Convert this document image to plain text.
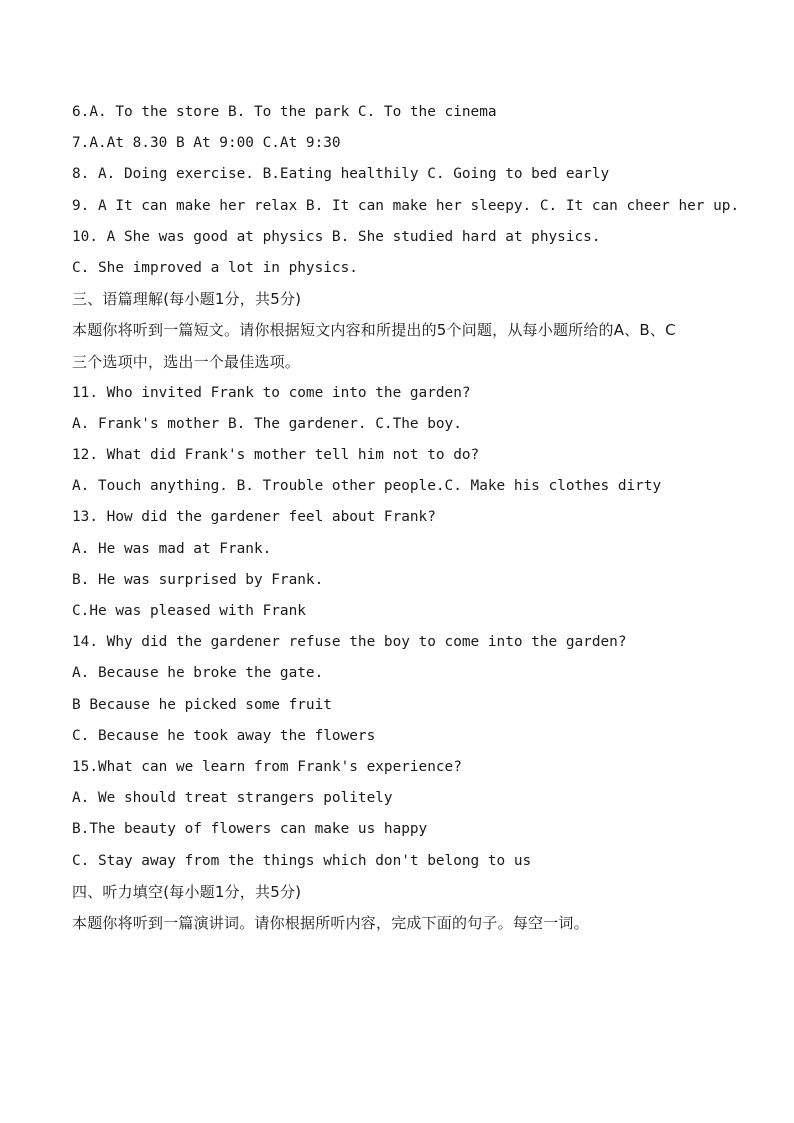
6.A. To the store B. To the park C. To the cinema
7.A.At 8.30 B At 9:00 C.At 9:30
8. A. Doing exercise. B.Eating healthily C. Going to bed early
9. A It can make her relax B. It can make her sleepy. C. It can cheer her up.
10. A She was good at physics B. She studied hard at physics.
C. She improved a lot in physics.
三、语篇理解(每小题1分，共5分)
本题你将听到一篇短文。请你根据短文内容和所提出的5个问题，从每小题所给的A、B、C
三个选项中，选出一个最佳选项。
11. Who invited Frank to come into the garden?
A. Frank's mother B. The gardener. C.The boy.
12. What did Frank's mother tell him not to do?
A. Touch anything. B. Trouble other people.C. Make his clothes dirty
13. How did the gardener feel about Frank?
A. He was mad at Frank.
B. He was surprised by Frank.
C.He was pleased with Frank
14. Why did the gardener refuse the boy to come into the garden?
A. Because he broke the gate.
B Because he picked some fruit
C. Because he took away the flowers
15.What can we learn from Frank's experience?
A. We should treat strangers politely
B.The beauty of flowers can make us happy
C. Stay away from the things which don't belong to us
四、听力填空(每小题1分，共5分)
本题你将听到一篇演讲词。请你根据所听内容，完成下面的句子。每空一词。
